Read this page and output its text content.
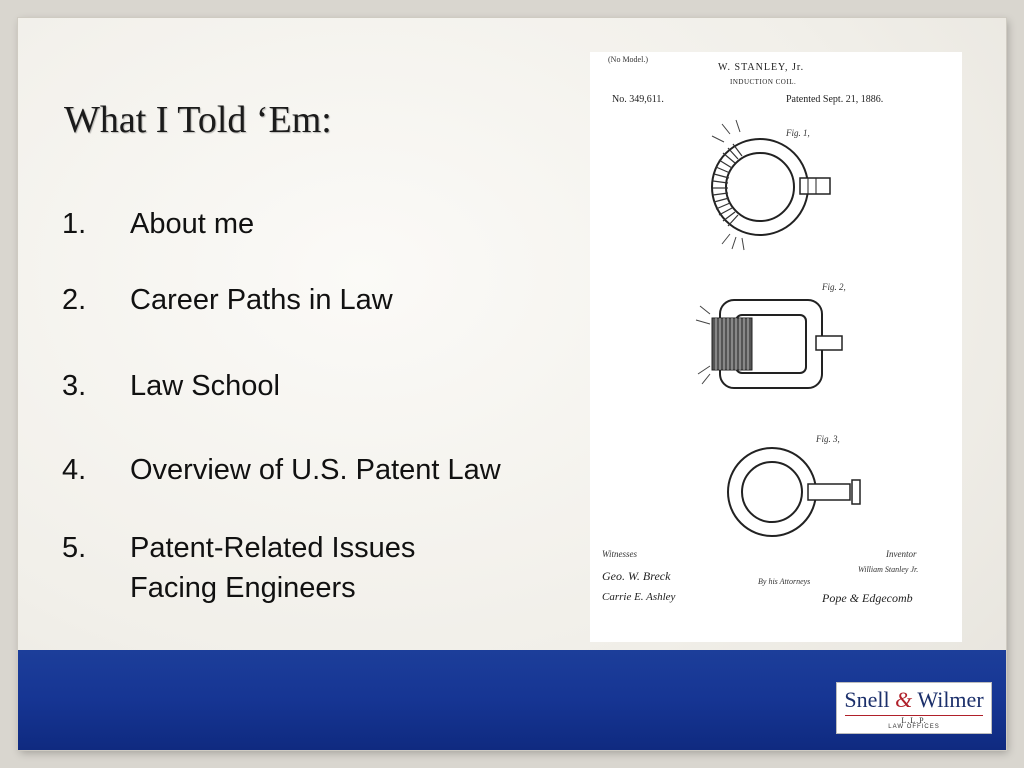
What I Told ‘Em:
1.	About me
2.	Career Paths in Law
3.	Law School
4.	Overview of U.S. Patent Law
5.	Patent-Related Issues
Facing Engineers
(No Model.)
W. STANLEY, Jr.
INDUCTION COIL.
No. 349,611.	Patented Sept. 21, 1886.
Fig. 1,
Fig. 2,
Fig. 3,
Witnesses	Inventor
William Stanley Jr.
Geo. W. Breck
Carrie E. Ashley
By his Attorneys
Pope & Edgecomb
Snell & Wilmer
L.L.P.
LAW OFFICES
